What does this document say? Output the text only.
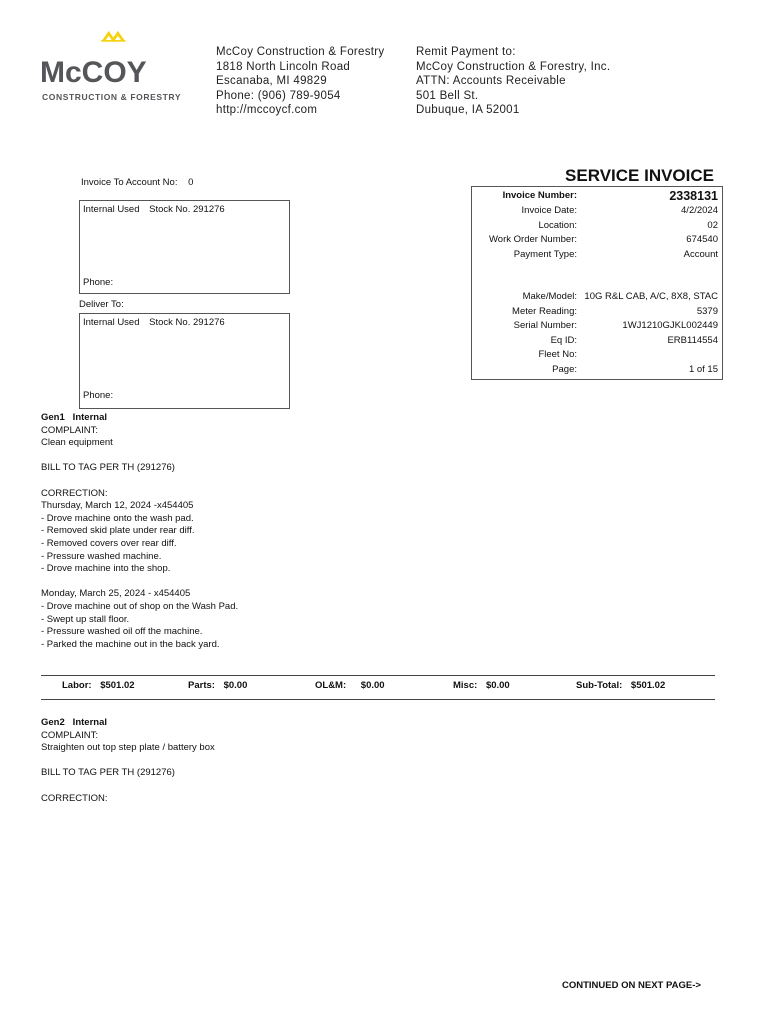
McCOY
CONSTRUCTION & FORESTRY
McCoy Construction & Forestry
1818 North Lincoln Road
Escanaba, MI 49829
Phone: (906) 789-9054
http://mccoycf.com
Remit Payment to:
McCoy Construction & Forestry, Inc.
ATTN: Accounts Receivable
501 Bell St.
Dubuque, IA 52001
Invoice To Account No: 0
Internal Used Stock No. 291276
Phone:
Deliver To:
Internal Used Stock No. 291276
Phone:
SERVICE INVOICE
Invoice Number:	2338131
Invoice Date:	4/2/2024
Location:	02
Work Order Number:	674540
Payment Type:	Account
Make/Model: 10G R&L CAB, A/C, 8X8, STAC
Meter Reading:	5379
Serial Number:	1WJ1210GJKL002449
Eq ID:	ERB114554
Fleet No:
Page:	1 of 15
Gen1   Internal
COMPLAINT:
Clean equipment
BILL TO TAG PER TH (291276)
CORRECTION:
Thursday, March 12, 2024 -x454405
- Drove machine onto the wash pad.
- Removed skid plate under rear diff.
- Removed covers over rear diff.
- Pressure washed machine.
- Drove machine into the shop.
Monday, March 25, 2024 - x454405
- Drove machine out of shop on the Wash Pad.
- Swept up stall floor.
- Pressure washed oil off the machine.
- Parked the machine out in the back yard.
Labor: $501.02	Parts: $0.00	OL&M: $0.00	Misc: $0.00	Sub-Total: $501.02
Gen2   Internal
COMPLAINT:
Straighten out top step plate / battery box
BILL TO TAG PER TH (291276)
CORRECTION:
CONTINUED ON NEXT PAGE->
